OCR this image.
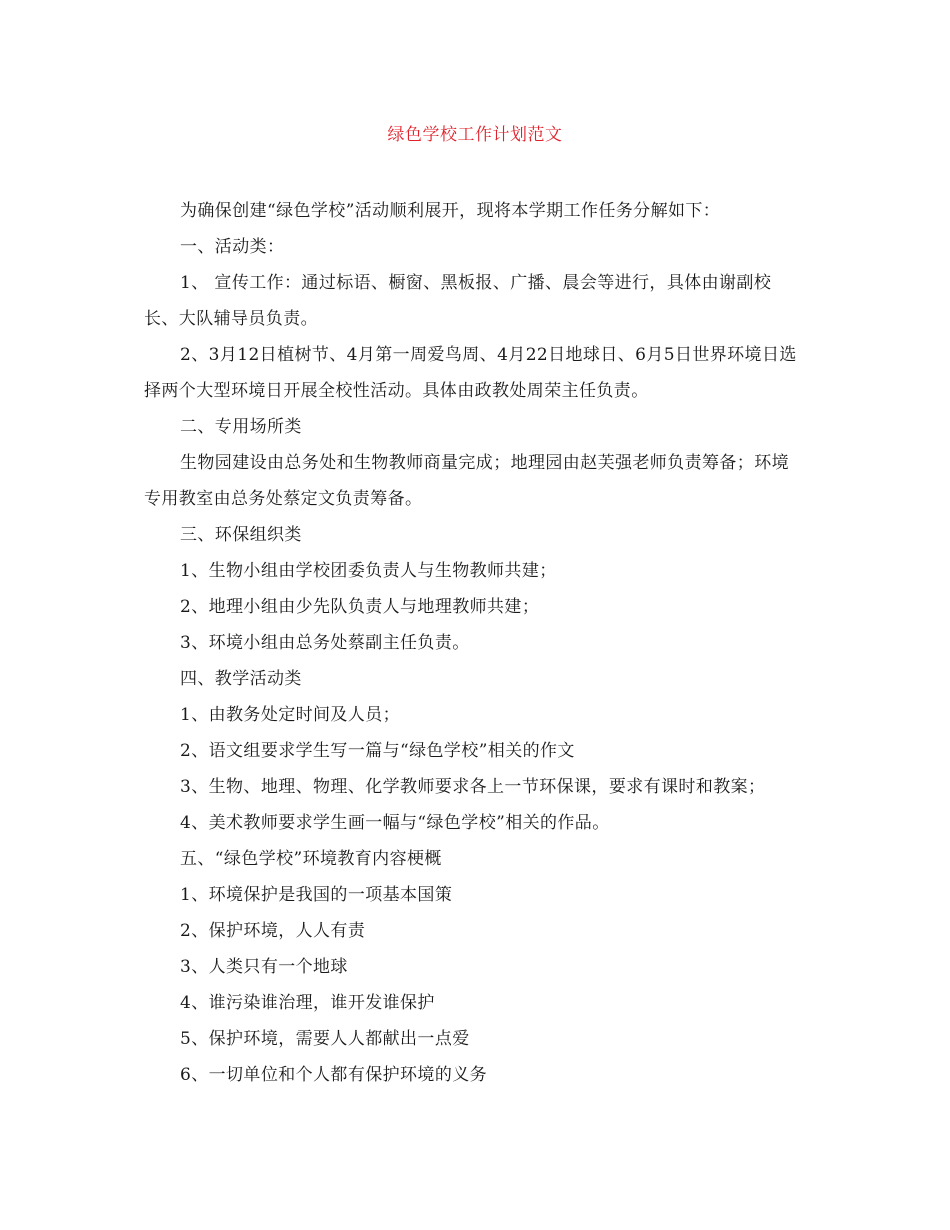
绿色学校工作计划范文

为确保创建“绿色学校”活动顺利展开，现将本学期工作任务分解如下：

一、活动类：

1、 宣传工作：通过标语、橱窗、黑板报、广播、晨会等进行，具体由谢副校长、大队辅导员负责。

2、3月12日植树节、4月第一周爱鸟周、4月22日地球日、6月5日世界环境日选择两个大型环境日开展全校性活动。具体由政教处周荣主任负责。

二、专用场所类

生物园建设由总务处和生物教师商量完成；地理园由赵芙强老师负责筹备；环境专用教室由总务处蔡定文负责筹备。

三、环保组织类

1、生物小组由学校团委负责人与生物教师共建；

2、地理小组由少先队负责人与地理教师共建；

3、环境小组由总务处蔡副主任负责。

四、教学活动类

1、由教务处定时间及人员；

2、语文组要求学生写一篇与“绿色学校”相关的作文

3、生物、地理、物理、化学教师要求各上一节环保课，要求有课时和教案；

4、美术教师要求学生画一幅与“绿色学校”相关的作品。

五、“绿色学校”环境教育内容梗概

1、环境保护是我国的一项基本国策

2、保护环境，人人有责

3、人类只有一个地球

4、谁污染谁治理，谁开发谁保护

5、保护环境，需要人人都献出一点爱

6、一切单位和个人都有保护环境的义务
